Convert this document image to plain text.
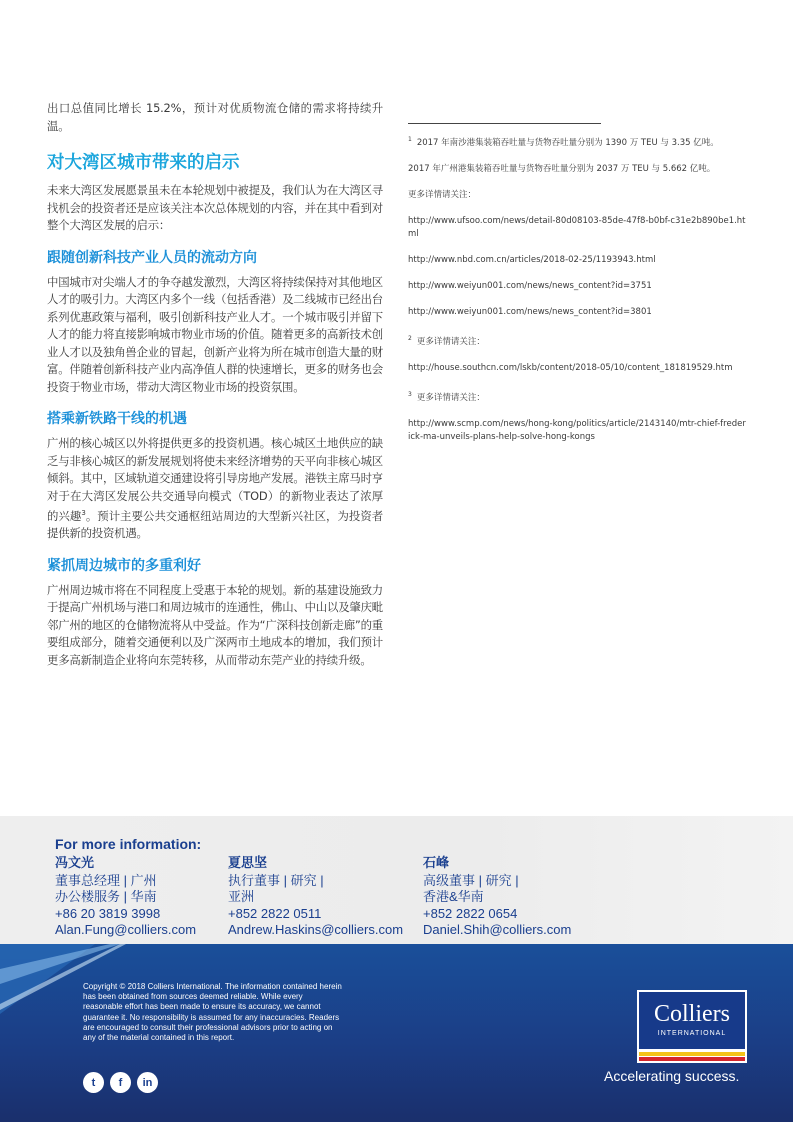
出口总值同比增长 15.2%，预计对优质物流仓储的需求将持续升温。

对大湾区城市带来的启示

未来大湾区发展愿景虽未在本轮规划中被提及，我们认为在大湾区寻找机会的投资者还是应该关注本次总体规划的内容，并在其中看到对整个大湾区发展的启示：

跟随创新科技产业人员的流动方向

中国城市对尖端人才的争夺越发激烈，大湾区将持续保持对其他地区人才的吸引力。大湾区内多个一线（包括香港）及二线城市已经出台系列优惠政策与福利，吸引创新科技产业人才。一个城市吸引并留下人才的能力将直接影响城市物业市场的价值。随着更多的高新技术创业人才以及独角兽企业的冒起，创新产业将为所在城市创造大量的财富。伴随着创新科技产业内高净值人群的快速增长，更多的财务也会投资于物业市场，带动大湾区物业市场的投资氛围。

搭乘新铁路干线的机遇

广州的核心城区以外将提供更多的投资机遇。核心城区土地供应的缺乏与非核心城区的新发展规划将使未来经济增势的天平向非核心城区倾斜。其中，区域轨道交通建设将引导房地产发展。港铁主席马时亨对于在大湾区发展公共交通导向模式（TOD）的新物业表达了浓厚的兴趣$^3$。预计主要公共交通枢纽站周边的大型新兴社区，为投资者提供新的投资机遇。

紧抓周边城市的多重利好

广州周边城市将在不同程度上受惠于本轮的规划。新的基建设施致力于提高广州机场与港口和周边城市的连通性，佛山、中山以及肇庆毗邻广州的地区的仓储物流将从中受益。作为“广深科技创新走廊”的重要组成部分，随着交通便利以及广深两市土地成本的增加，我们预计更多高新制造企业将向东莞转移，从而带动东莞产业的持续升级。

$^1$ 2017 年南沙港集装箱吞吐量与货物吞吐量分别为 1390 万 TEU 与 3.35 亿吨。

2017 年广州港集装箱吞吐量与货物吞吐量分别为 2037 万 TEU 与 5.662 亿吨。

更多详情请关注：

http://www.ufsoo.com/news/detail-80d08103-85de-47f8-b0bf-c31e2b890be1.html

http://www.nbd.com.cn/articles/2018-02-25/1193943.html

http://www.weiyun001.com/news/news_content?id=3751

http://www.weiyun001.com/news/news_content?id=3801

$^2$ 更多详情请关注：

http://house.southcn.com/lskb/content/2018-05/10/content_181819529.htm

$^3$ 更多详情请关注：

http://www.scmp.com/news/hong-kong/politics/article/2143140/mtr-chief-frederick-ma-unveils-plans-help-solve-hong-kongs

For more information:
冯文光
董事总经理 | 广州
办公楼服务 | 华南
+86 20 3819 3998
Alan.Fung@colliers.com
夏思坚
执行董事 | 研究 |
亚洲
+852 2822 0511
Andrew.Haskins@colliers.com
石峰
高级董事 | 研究 |
香港&华南
+852 2822 0654
Daniel.Shih@colliers.com
Copyright © 2018 Colliers International. The information contained herein has been obtained from sources deemed reliable. While every reasonable effort has been made to ensure its accuracy, we cannot guarantee it. No responsibility is assumed for any inaccuracies. Readers are encouraged to consult their professional advisors prior to acting on any of the material contained in this report.
t	f	in
Colliers
INTERNATIONAL
Accelerating success.
